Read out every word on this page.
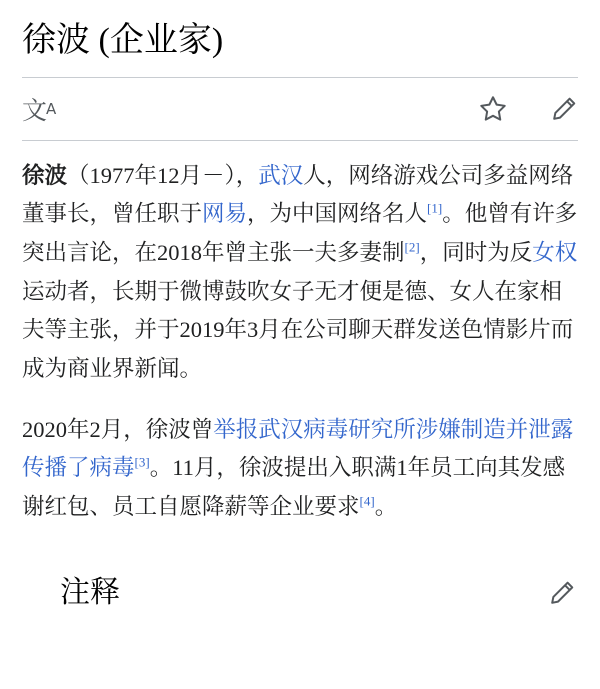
徐波 (企业家)
文 A

徐波（1977年12月－），武汉人，网络游戏公司多益网络董事长，曾任职于网易，为中国网络名人[1]。他曾有许多突出言论，在2018年曾主张一夫多妻制[2]，同时为反女权运动者，长期于微博鼓吹女子无才便是德、女人在家相夫等主张，并于2019年3月在公司聊天群发送色情影片而成为商业界新闻。

2020年2月，徐波曾举报武汉病毒研究所涉嫌制造并泄露传播了病毒[3]。11月，徐波提出入职满1年员工向其发感谢红包、员工自愿降薪等企业要求[4]。

注释
